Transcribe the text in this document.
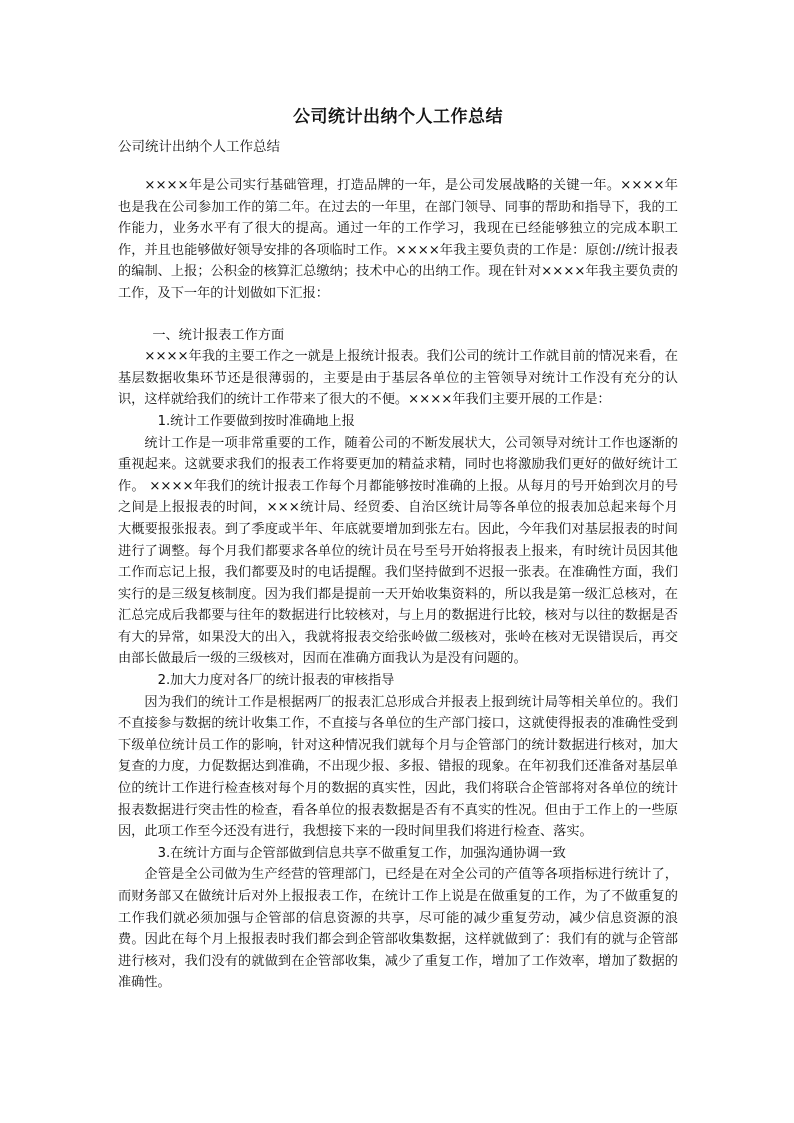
公司统计出纳个人工作总结

公司统计出纳个人工作总结

××××年是公司实行基础管理，打造品牌的一年，是公司发展战略的关键一年。××××年也是我在公司参加工作的第二年。在过去的一年里，在部门领导、同事的帮助和指导下，我的工作能力，业务水平有了很大的提高。通过一年的工作学习，我现在已经能够独立的完成本职工作，并且也能够做好领导安排的各项临时工作。××××年我主要负责的工作是：原创://统计报表的编制、上报；公积金的核算汇总缴纳；技术中心的出纳工作。现在针对××××年我主要负责的工作，及下一年的计划做如下汇报：

一、统计报表工作方面

××××年我的主要工作之一就是上报统计报表。我们公司的统计工作就目前的情况来看，在基层数据收集环节还是很薄弱的，主要是由于基层各单位的主管领导对统计工作没有充分的认识，这样就给我们的统计工作带来了很大的不便。××××年我们主要开展的工作是：

1.统计工作要做到按时准确地上报

统计工作是一项非常重要的工作，随着公司的不断发展状大，公司领导对统计工作也逐渐的重视起来。这就要求我们的报表工作将要更加的精益求精，同时也将激励我们更好的做好统计工作。 ××××年我们的统计报表工作每个月都能够按时准确的上报。从每月的号开始到次月的号之间是上报报表的时间，×××统计局、经贸委、自治区统计局等各单位的报表加总起来每个月大概要报张报表。到了季度或半年、年底就要增加到张左右。因此，今年我们对基层报表的时间进行了调整。每个月我们都要求各单位的统计员在号至号开始将报表上报来，有时统计员因其他工作而忘记上报，我们都要及时的电话提醒。我们坚持做到不迟报一张表。在准确性方面，我们实行的是三级复核制度。因为我们都是提前一天开始收集资料的，所以我是第一级汇总核对，在汇总完成后我都要与往年的数据进行比较核对，与上月的数据进行比较，核对与以往的数据是否有大的异常，如果没大的出入，我就将报表交给张岭做二级核对，张岭在核对无误错误后，再交由部长做最后一级的三级核对，因而在准确方面我认为是没有问题的。

2.加大力度对各厂的统计报表的审核指导

因为我们的统计工作是根据两厂的报表汇总形成合并报表上报到统计局等相关单位的。我们不直接参与数据的统计收集工作，不直接与各单位的生产部门接口，这就使得报表的准确性受到下级单位统计员工作的影响，针对这种情况我们就每个月与企管部门的统计数据进行核对，加大复查的力度，力促数据达到准确，不出现少报、多报、错报的现象。在年初我们还准备对基层单位的统计工作进行检查核对每个月的数据的真实性，因此，我们将联合企管部将对各单位的统计报表数据进行突击性的检查，看各单位的报表数据是否有不真实的性况。但由于工作上的一些原因，此项工作至今还没有进行，我想接下来的一段时间里我们将进行检查、落实。

3.在统计方面与企管部做到信息共享不做重复工作，加强沟通协调一致

企管是全公司做为生产经营的管理部门，已经是在对全公司的产值等各项指标进行统计了，而财务部又在做统计后对外上报报表工作，在统计工作上说是在做重复的工作，为了不做重复的工作我们就必须加强与企管部的信息资源的共享，尽可能的减少重复劳动，减少信息资源的浪费。因此在每个月上报报表时我们都会到企管部收集数据，这样就做到了：我们有的就与企管部进行核对，我们没有的就做到在企管部收集，减少了重复工作，增加了工作效率，增加了数据的准确性。
